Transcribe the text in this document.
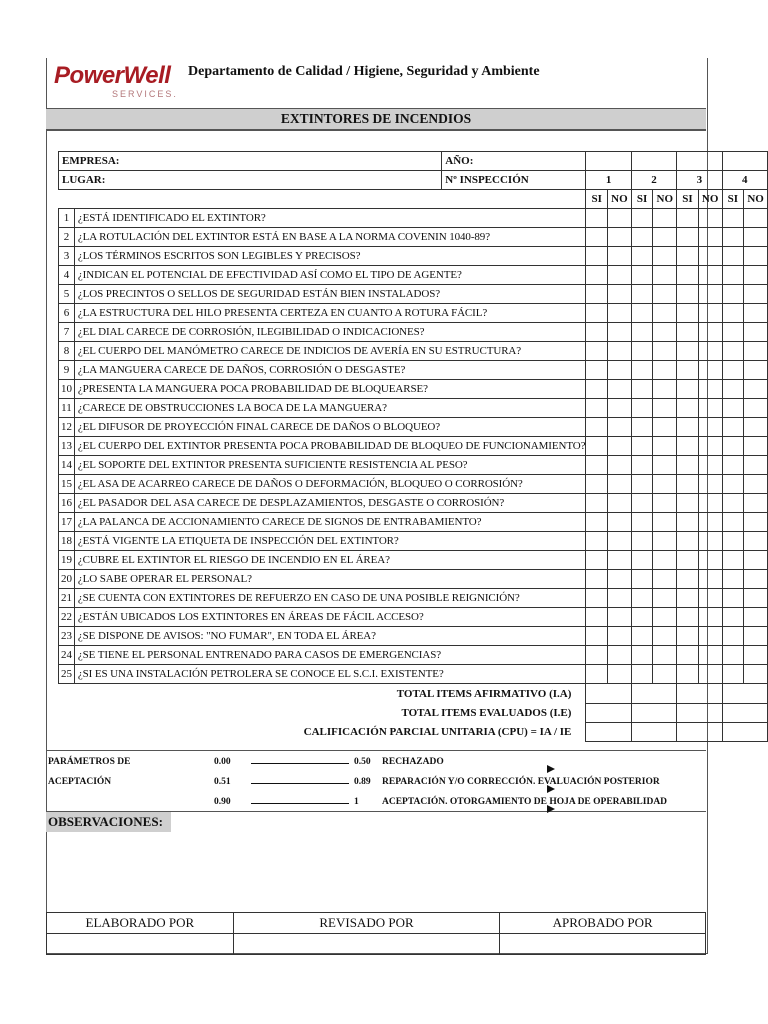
PowerWell
SERVICES.
Departamento de Calidad / Higiene, Seguridad y Ambiente
EXTINTORES DE INCENDIOS
EMPRESA:		AÑO:								
LUGAR:		Nº INSPECCIÓN	1		2		3		4	
			SI	NO	SI	NO	SI	NO	SI	NO
1	¿ESTÁ IDENTIFICADO EL EXTINTOR?									
2	¿LA ROTULACIÓN DEL EXTINTOR ESTÁ EN BASE A LA NORMA COVENIN 1040-89?									
3	¿LOS TÉRMINOS ESCRITOS SON LEGIBLES Y PRECISOS?									
4	¿INDICAN EL POTENCIAL DE EFECTIVIDAD ASÍ COMO EL TIPO DE AGENTE?									
5	¿LOS PRECINTOS O SELLOS DE SEGURIDAD ESTÁN BIEN INSTALADOS?									
6	¿LA ESTRUCTURA DEL HILO PRESENTA CERTEZA EN CUANTO A ROTURA FÁCIL?									
7	¿EL DIAL CARECE DE CORROSIÓN, ILEGIBILIDAD O INDICACIONES?									
8	¿EL CUERPO DEL MANÓMETRO CARECE DE INDICIOS DE AVERÍA EN SU ESTRUCTURA?									
9	¿LA MANGUERA CARECE DE DAÑOS, CORROSIÓN O DESGASTE?									
10	¿PRESENTA LA MANGUERA POCA PROBABILIDAD DE BLOQUEARSE?									
11	¿CARECE DE OBSTRUCCIONES LA BOCA DE LA MANGUERA?									
12	¿EL DIFUSOR DE PROYECCIÓN FINAL CARECE DE DAÑOS O BLOQUEO?									
13	¿EL CUERPO DEL EXTINTOR PRESENTA POCA PROBABILIDAD DE BLOQUEO DE FUNCIONAMIENTO?									
14	¿EL SOPORTE DEL EXTINTOR PRESENTA SUFICIENTE RESISTENCIA AL PESO?									
15	¿EL ASA DE ACARREO CARECE DE DAÑOS O DEFORMACIÓN, BLOQUEO O CORROSIÓN?									
16	¿EL PASADOR DEL ASA CARECE DE DESPLAZAMIENTOS, DESGASTE O CORROSIÓN?									
17	¿LA PALANCA DE ACCIONAMIENTO CARECE DE SIGNOS DE ENTRABAMIENTO?									
18	¿ESTÁ VIGENTE LA ETIQUETA DE INSPECCIÓN DEL EXTINTOR?									
19	¿CUBRE EL EXTINTOR EL RIESGO DE INCENDIO EN EL ÁREA?									
20	¿LO SABE OPERAR EL PERSONAL?									
21	¿SE CUENTA CON EXTINTORES DE REFUERZO EN CASO DE UNA POSIBLE REIGNICIÓN?									
22	¿ESTÁN UBICADOS LOS EXTINTORES EN ÁREAS DE FÁCIL ACCESO?									
23	¿SE DISPONE DE AVISOS: "NO FUMAR", EN TODA EL ÁREA?									
24	¿SE TIENE EL PERSONAL ENTRENADO PARA CASOS DE EMERGENCIAS?									
25	¿SI ES UNA INSTALACIÓN PETROLERA SE CONOCE EL S.C.I. EXISTENTE?									
TOTAL ITEMS AFIRMATIVO (I.A)										
TOTAL ITEMS EVALUADOS (I.E)										
CALIFICACIÓN PARCIAL UNITARIA (CPU) = IA / IE										
PARÁMETROS DE	0.00	0.50 RECHAZADO
ACEPTACIÓN	0.51	0.89 REPARACIÓN Y/O CORRECCIÓN. EVALUACIÓN POSTERIOR
0.90	1 ACEPTACIÓN. OTORGAMIENTO DE HOJA DE OPERABILIDAD
OBSERVACIONES:
ELABORADO POR	REVISADO POR	APROBADO POR
